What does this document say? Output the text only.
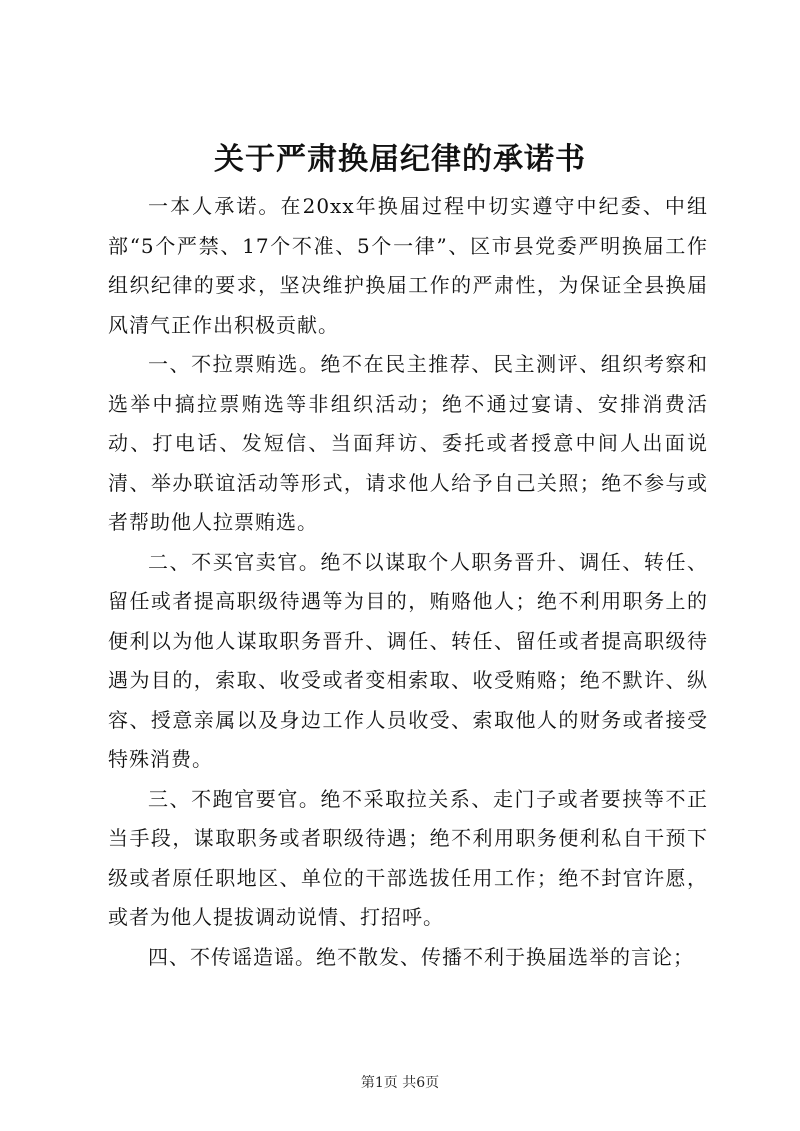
关于严肃换届纪律的承诺书

一本人承诺。在20xx年换届过程中切实遵守中纪委、中组部“5个严禁、17个不准、5个一律”、区市县党委严明换届工作组织纪律的要求，坚决维护换届工作的严肃性，为保证全县换届风清气正作出积极贡献。

一、不拉票贿选。绝不在民主推荐、民主测评、组织考察和选举中搞拉票贿选等非组织活动；绝不通过宴请、安排消费活动、打电话、发短信、当面拜访、委托或者授意中间人出面说清、举办联谊活动等形式，请求他人给予自己关照；绝不参与或者帮助他人拉票贿选。

二、不买官卖官。绝不以谋取个人职务晋升、调任、转任、留任或者提高职级待遇等为目的，贿赂他人；绝不利用职务上的便利以为他人谋取职务晋升、调任、转任、留任或者提高职级待遇为目的，索取、收受或者变相索取、收受贿赂；绝不默许、纵容、授意亲属以及身边工作人员收受、索取他人的财务或者接受特殊消费。

三、不跑官要官。绝不采取拉关系、走门子或者要挟等不正当手段，谋取职务或者职级待遇；绝不利用职务便利私自干预下级或者原任职地区、单位的干部选拔任用工作；绝不封官许愿，或者为他人提拔调动说情、打招呼。

四、不传谣造谣。绝不散发、传播不利于换届选举的言论；

第1页 共6页
